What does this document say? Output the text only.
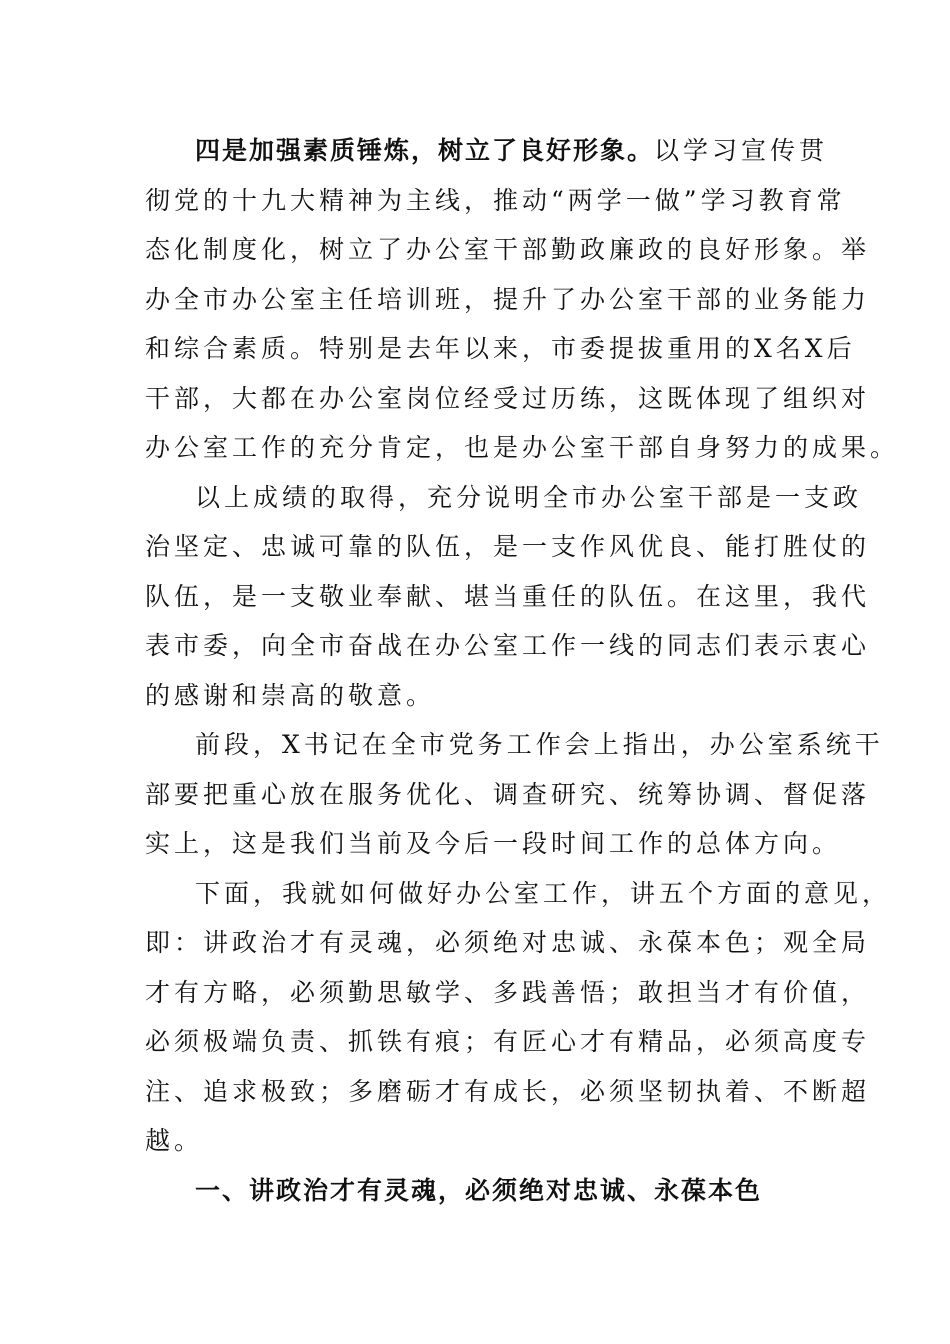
四是加强素质锤炼，树立了良好形象。以学习宣传贯
彻党的十九大精神为主线，推动“两学一做”学习教育常
态化制度化，树立了办公室干部勤政廉政的良好形象。举
办全市办公室主任培训班，提升了办公室干部的业务能力
和综合素质。特别是去年以来，市委提拔重用的X名X后
干部，大都在办公室岗位经受过历练，这既体现了组织对
办公室工作的充分肯定，也是办公室干部自身努力的成果。
以上成绩的取得，充分说明全市办公室干部是一支政
治坚定、忠诚可靠的队伍，是一支作风优良、能打胜仗的
队伍，是一支敬业奉献、堪当重任的队伍。在这里，我代
表市委，向全市奋战在办公室工作一线的同志们表示衷心
的感谢和崇高的敬意。
前段，X书记在全市党务工作会上指出，办公室系统干
部要把重心放在服务优化、调查研究、统筹协调、督促落
实上，这是我们当前及今后一段时间工作的总体方向。
下面，我就如何做好办公室工作，讲五个方面的意见，
即：讲政治才有灵魂，必须绝对忠诚、永葆本色；观全局
才有方略，必须勤思敏学、多践善悟；敢担当才有价值，
必须极端负责、抓铁有痕；有匠心才有精品，必须高度专
注、追求极致；多磨砺才有成长，必须坚韧执着、不断超
越。
一、讲政治才有灵魂，必须绝对忠诚、永葆本色
